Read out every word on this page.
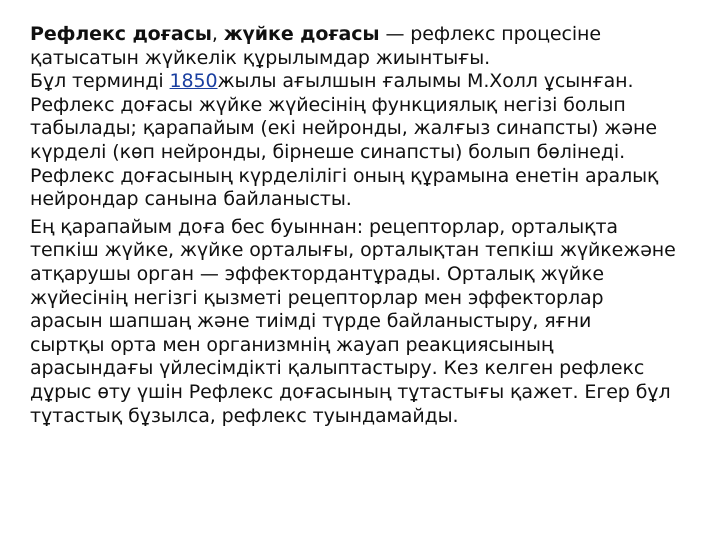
Рефлекс доғасы, жүйке доғасы — рефлекс процесіне
қатысатын жүйкелік құрылымдар жиынтығы.
Бұл терминді 1850жылы ағылшын ғалымы М.Холл ұсынған.
Рефлекс доғасы жүйке жүйесінің функциялық негізі болып
табылады; қарапайым (екі нейронды, жалғыз синапсты) және
күрделі (көп нейронды, бірнеше синапсты) болып бөлінеді.
Рефлекс доғасының күрделілігі оның құрамына енетін аралық
нейрондар санына байланысты.

Ең қарапайым доға бес буыннан: рецепторлар, орталықта
тепкіш жүйке, жүйке орталығы, орталықтан тепкіш жүйкежәне
атқарушы орган — эффектордантұрады. Орталық жүйке
жүйесінің негізгі қызметі рецепторлар мен эффекторлар
арасын шапшаң және тиімді түрде байланыстыру, яғни
сыртқы орта мен организмнің жауап реакциясының
арасындағы үйлесімдікті қалыптастыру. Кез келген рефлекс
дұрыс өту үшін Рефлекс доғасының тұтастығы қажет. Егер бұл
тұтастық бұзылса, рефлекс туындамайды.
